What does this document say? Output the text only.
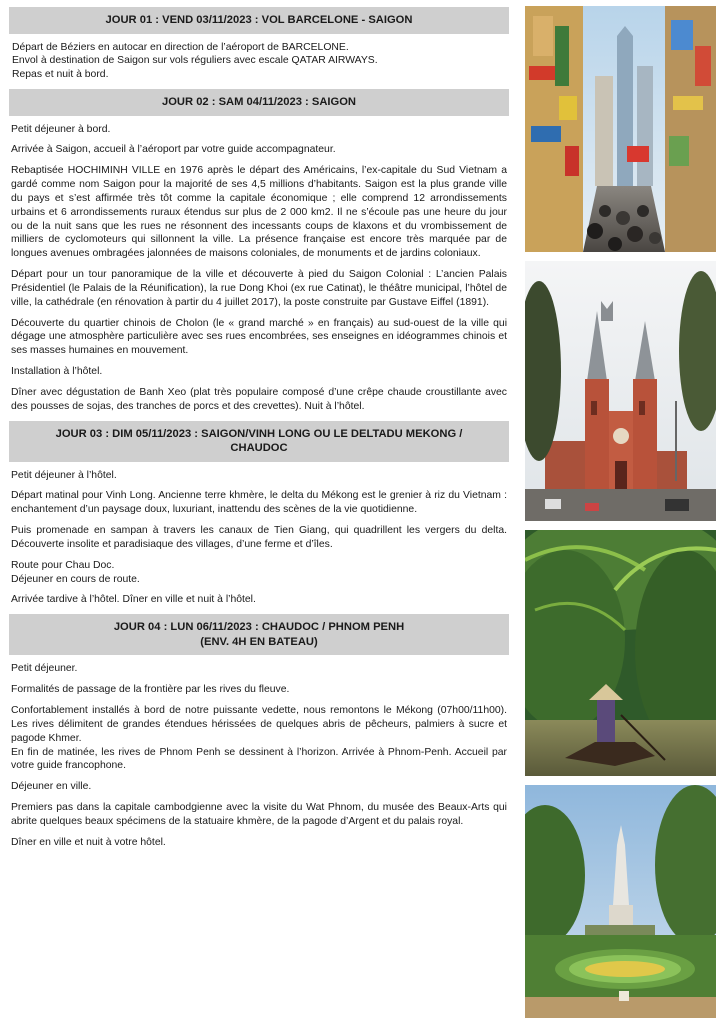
JOUR 01 : VEND 03/11/2023 : VOL BARCELONE - SAIGON
Départ de Béziers en autocar en direction de l’aéroport de BARCELONE.
Envol à destination de Saigon sur vols réguliers avec escale QATAR AIRWAYS.
Repas et nuit à bord.
JOUR 02 : SAM 04/11/2023 : SAIGON
Petit déjeuner à bord.
Arrivée à Saigon, accueil à l’aéroport par votre guide accompagnateur.
Rebaptisée HOCHIMINH VILLE en 1976 après le départ des Américains, l’ex-capitale du Sud Vietnam a gardé comme nom Saigon pour la majorité de ses 4,5 millions d’habitants. Saigon est la plus grande ville du pays et s’est affirmée très tôt comme la capitale économique ; elle comprend 12 arrondissements urbains et 6 arrondissements ruraux étendus sur plus de 2 000 km2. Il ne s’écoule pas une heure du jour ou de la nuit sans que les rues ne résonnent des incessants coups de klaxons et du vrombissement de milliers de cyclomoteurs qui sillonnent la ville. La présence française est encore très marquée par de longues avenues ombragées jalonnées de maisons coloniales, de monuments et de jardins coloniaux.
Départ pour un tour panoramique de la ville et découverte à pied du Saigon Colonial : L’ancien Palais Présidentiel (le Palais de la Réunification), la rue Dong Khoi (ex rue Catinat), le théâtre municipal, l’hôtel de ville, la cathédrale (en rénovation à partir du 4 juillet 2017), la poste construite par Gustave Eiffel (1891).
Découverte du quartier chinois de Cholon (le « grand marché » en français) au sud-ouest de la ville qui dégage une atmosphère particulière avec ses rues encombrées, ses enseignes en idéogrammes chinois et ses masses humaines en mouvement.
Installation à l’hôtel.
Dîner avec dégustation de Banh Xeo (plat très populaire composé d’une crêpe chaude croustillante avec des pousses de sojas, des tranches de porcs et des crevettes). Nuit à l’hôtel.
JOUR 03 : DIM 05/11/2023 : SAIGON/VINH LONG OU LE DELTADU MEKONG /
CHAUDOC
Petit déjeuner à l’hôtel.
Départ matinal pour Vinh Long. Ancienne terre khmère, le delta du Mékong est le grenier à riz du Vietnam : enchantement d’un paysage doux, luxuriant, inattendu des scènes de la vie quotidienne.
Puis promenade en sampan à travers les canaux de Tien Giang, qui quadrillent les vergers du delta. Découverte insolite et paradisiaque des villages, d’une ferme et d’îles.
Route pour Chau Doc.
Déjeuner en cours de route.
Arrivée tardive à l’hôtel. Dîner en ville et nuit à l’hôtel.
JOUR 04 : LUN 06/11/2023 : CHAUDOC / PHNOM PENH
(ENV. 4H EN BATEAU)
Petit déjeuner.
Formalités de passage de la frontière par les rives du fleuve.
Confortablement installés à bord de notre puissante vedette, nous remontons le Mékong (07h00/11h00). Les rives délimitent de grandes étendues hérissées de quelques abris de pêcheurs, palmiers à sucre et pagode Khmer.
En fin de matinée, les rives de Phnom Penh se dessinent à l’horizon. Arrivée à Phnom-Penh. Accueil par votre guide francophone.
Déjeuner en ville.
Premiers pas dans la capitale cambodgienne avec la visite du Wat Phnom, du musée des Beaux-Arts qui abrite quelques beaux spécimens de la statuaire khmère, de la pagode d’Argent et du palais royal.
Dîner en ville et nuit à votre hôtel.
